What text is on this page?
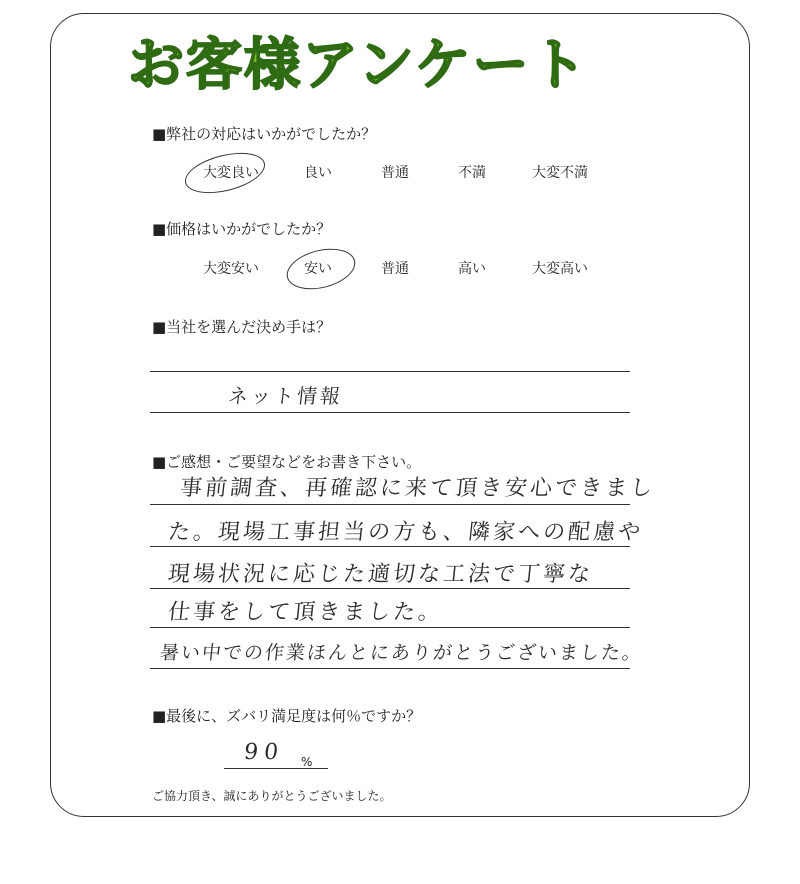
お客様アンケート
■弊社の対応はいかがでしたか？
大変良い	良い	普通	不満	大変不満
■価格はいかがでしたか？
大変安い	安い	普通	高い	大変高い
■当社を選んだ決め手は？
ネット情報
■ご感想・ご要望などをお書き下さい。
事前調査、再確認に来て頂き安心できまし
た。現場工事担当の方も、隣家への配慮や
現場状況に応じた適切な工法で丁寧な
仕事をして頂きました。
暑い中での作業ほんとにありがとうございました。
■最後に、ズバリ満足度は何％ですか？
90 %
ご協力頂き、誠にありがとうございました。
